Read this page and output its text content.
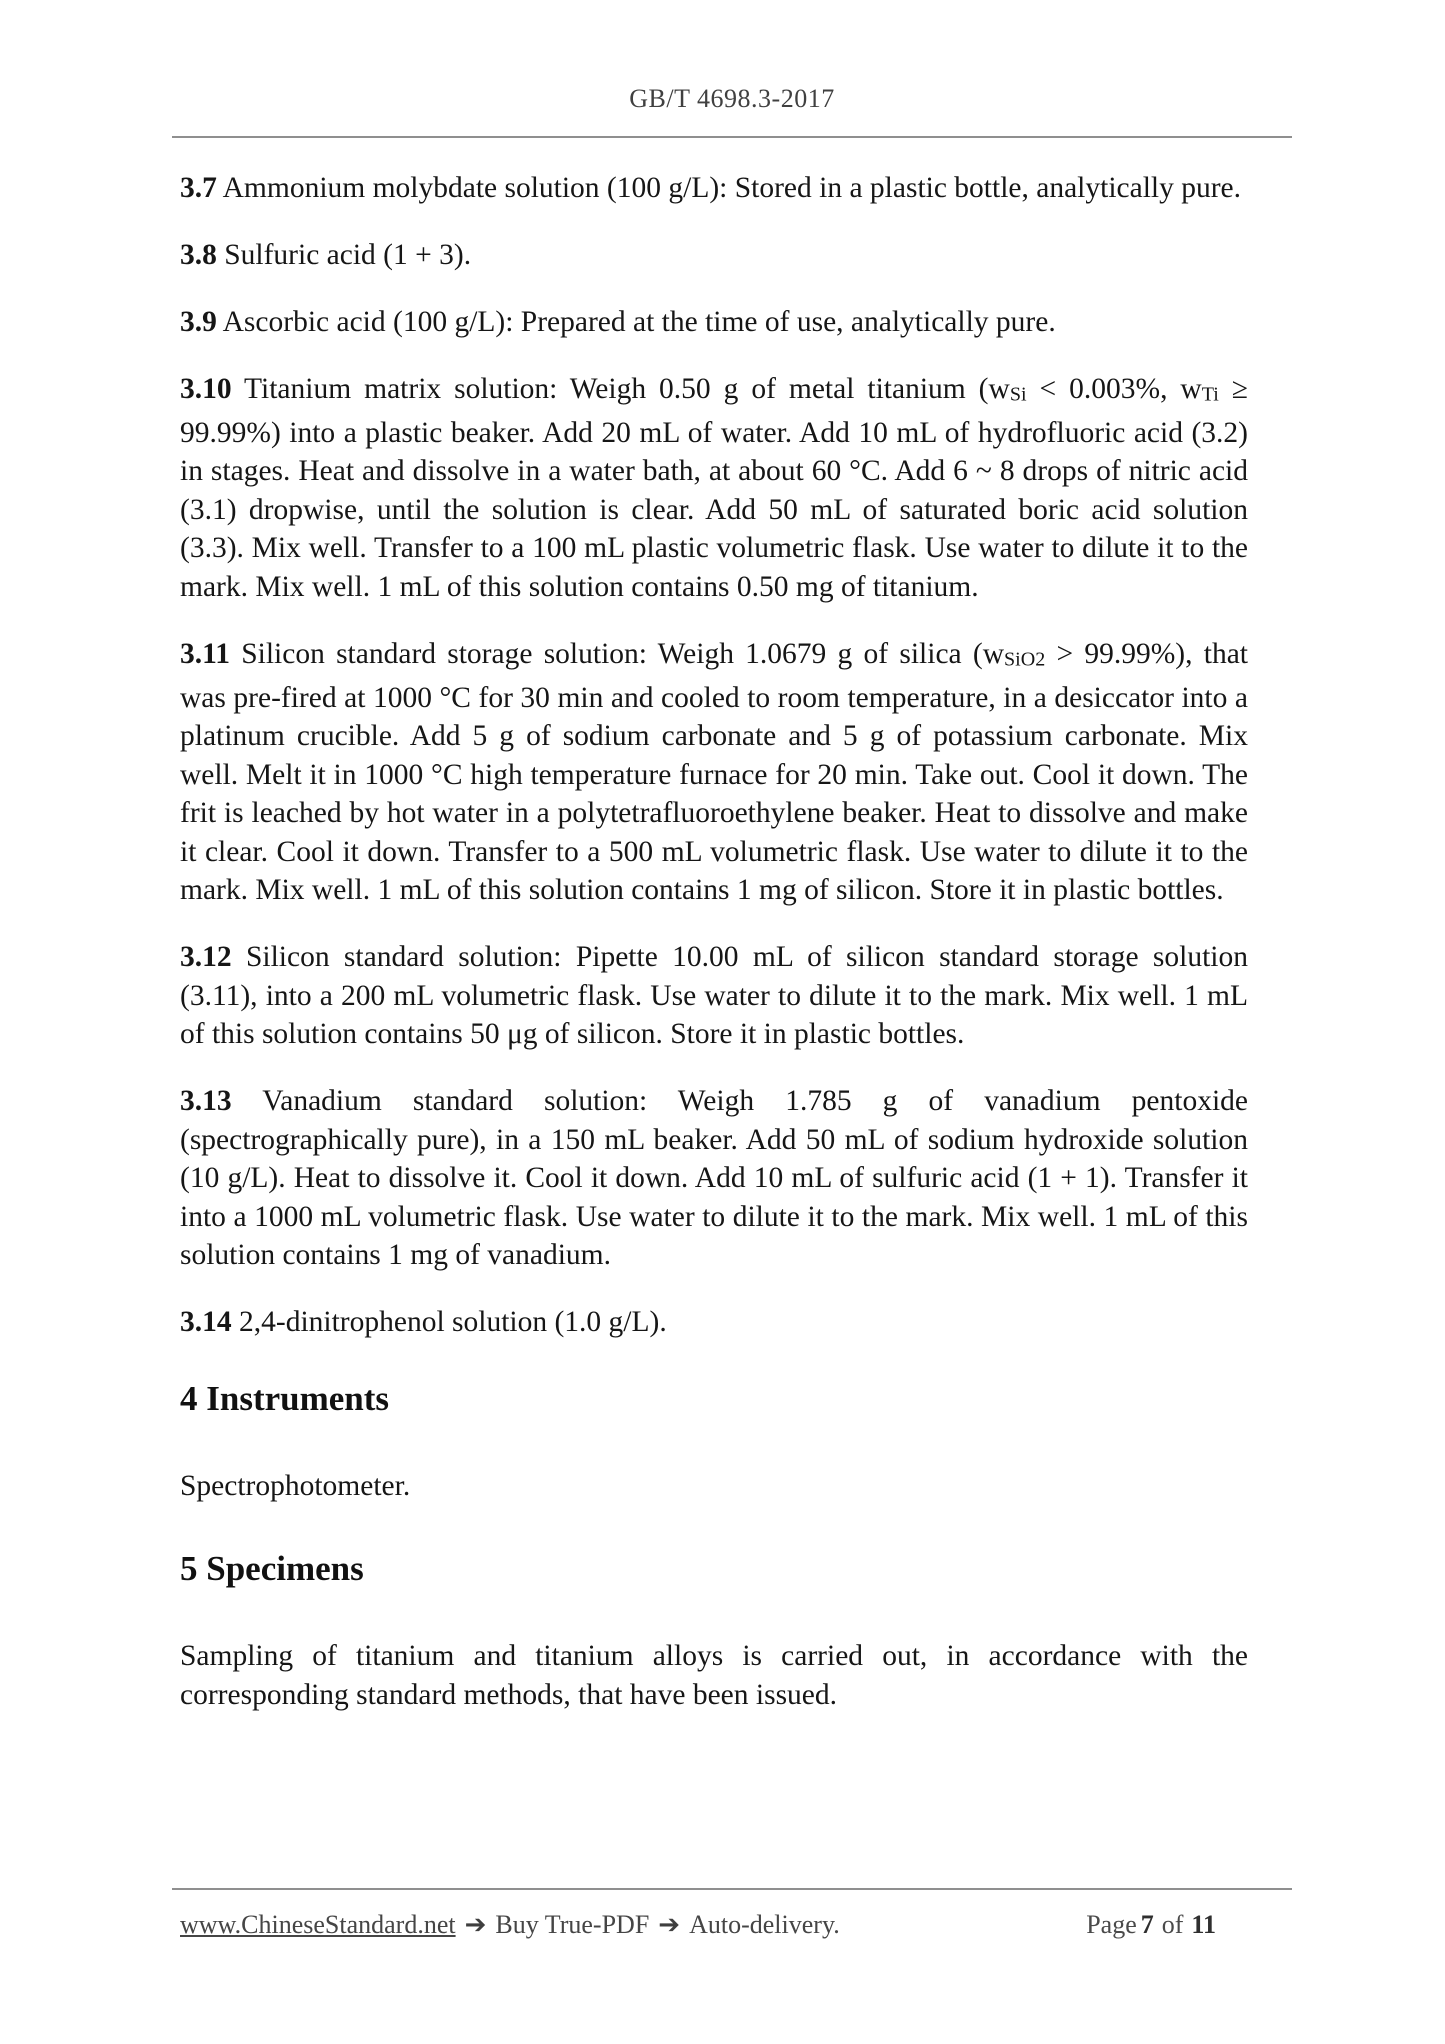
GB/T 4698.3-2017

3.7 Ammonium molybdate solution (100 g/L): Stored in a plastic bottle, analytically pure.

3.8 Sulfuric acid (1 + 3).

3.9 Ascorbic acid (100 g/L): Prepared at the time of use, analytically pure.

3.10 Titanium matrix solution: Weigh 0.50 g of metal titanium (wSi < 0.003%, wTi ≥ 99.99%) into a plastic beaker. Add 20 mL of water. Add 10 mL of hydrofluoric acid (3.2) in stages. Heat and dissolve in a water bath, at about 60 °C. Add 6 ~ 8 drops of nitric acid (3.1) dropwise, until the solution is clear. Add 50 mL of saturated boric acid solution (3.3). Mix well. Transfer to a 100 mL plastic volumetric flask. Use water to dilute it to the mark. Mix well. 1 mL of this solution contains 0.50 mg of titanium.

3.11 Silicon standard storage solution: Weigh 1.0679 g of silica (wSiO2 > 99.99%), that was pre-fired at 1000 °C for 30 min and cooled to room temperature, in a desiccator into a platinum crucible. Add 5 g of sodium carbonate and 5 g of potassium carbonate. Mix well. Melt it in 1000 °C high temperature furnace for 20 min. Take out. Cool it down. The frit is leached by hot water in a polytetrafluoroethylene beaker. Heat to dissolve and make it clear. Cool it down. Transfer to a 500 mL volumetric flask. Use water to dilute it to the mark. Mix well. 1 mL of this solution contains 1 mg of silicon. Store it in plastic bottles.

3.12 Silicon standard solution: Pipette 10.00 mL of silicon standard storage solution (3.11), into a 200 mL volumetric flask. Use water to dilute it to the mark. Mix well. 1 mL of this solution contains 50 μg of silicon. Store it in plastic bottles.

3.13 Vanadium standard solution: Weigh 1.785 g of vanadium pentoxide (spectrographically pure), in a 150 mL beaker. Add 50 mL of sodium hydroxide solution (10 g/L). Heat to dissolve it. Cool it down. Add 10 mL of sulfuric acid (1 + 1). Transfer it into a 1000 mL volumetric flask. Use water to dilute it to the mark. Mix well. 1 mL of this solution contains 1 mg of vanadium.

3.14 2,4-dinitrophenol solution (1.0 g/L).

4 Instruments

Spectrophotometer.

5 Specimens

Sampling of titanium and titanium alloys is carried out, in accordance with the corresponding standard methods, that have been issued.

www.ChineseStandard.net ➔ Buy True-PDF ➔ Auto-delivery.	Page 7 of 11
